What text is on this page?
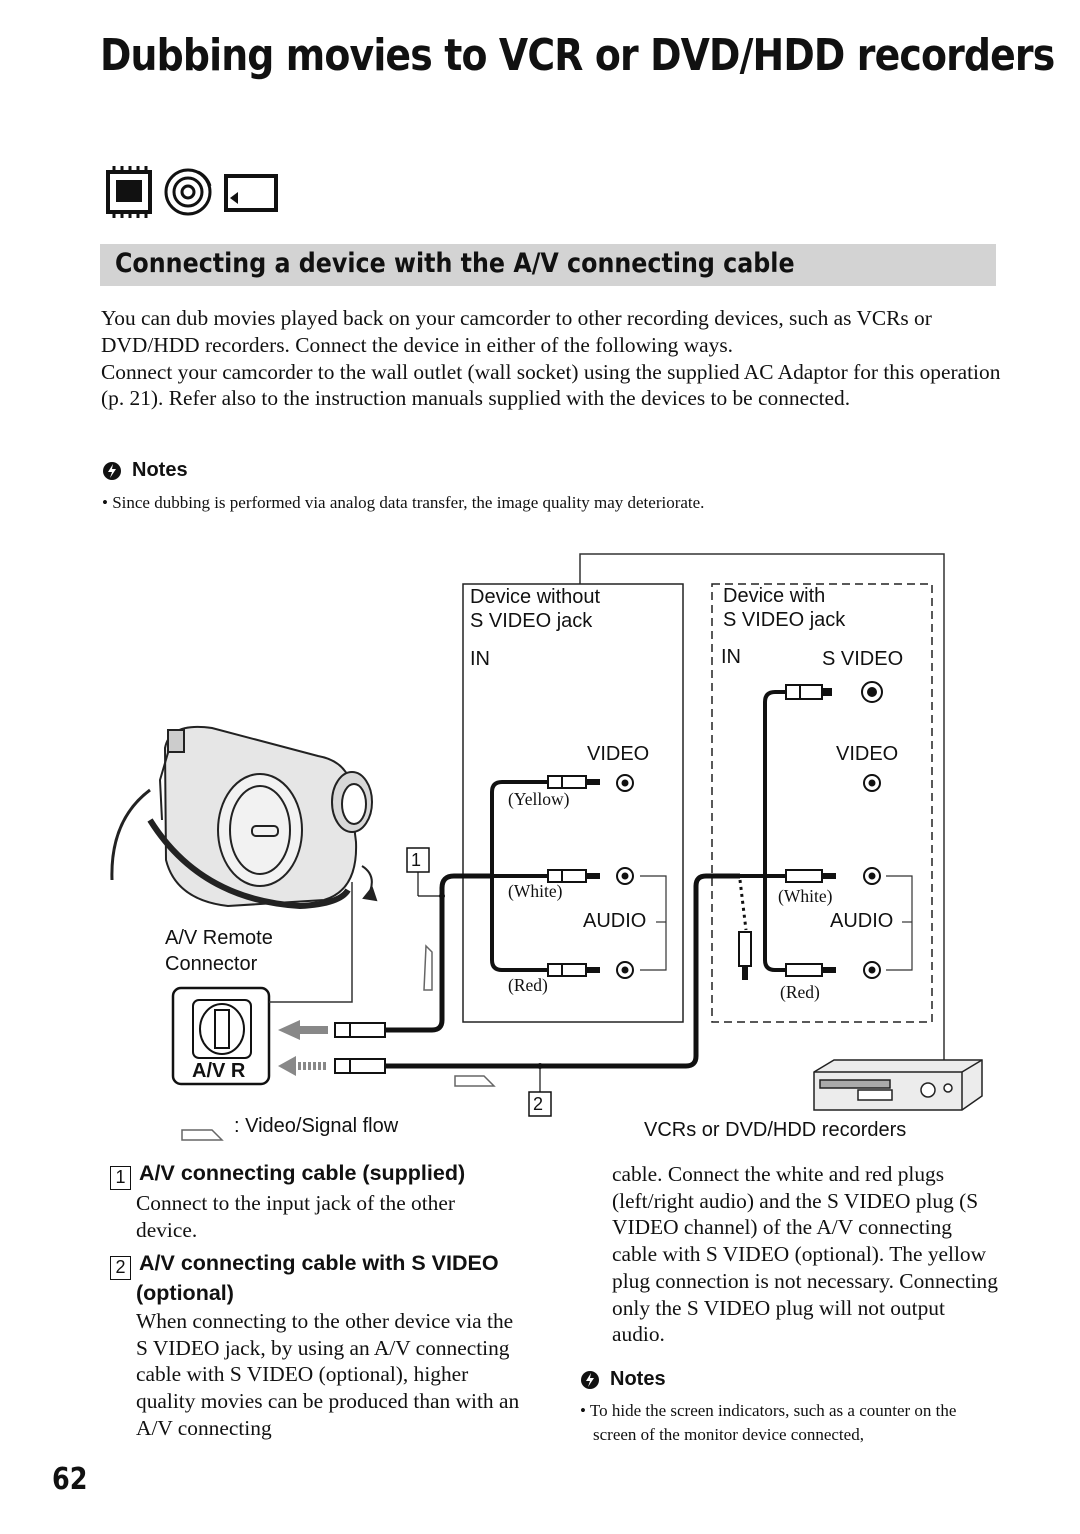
Dubbing movies to VCR or DVD/HDD recorders
Connecting a device with the A/V connecting cable

You can dub movies played back on your camcorder to other recording devices, such as VCRs or DVD/HDD recorders. Connect the device in either of the following ways.

Connect your camcorder to the wall outlet (wall socket) using the supplied AC Adaptor for this operation (p. 21). Refer also to the instruction manuals supplied with the devices to be connected.

Notes
• Since dubbing is performed via analog data transfer, the image quality may deteriorate.
Device without
S VIDEO jack
Device with
S VIDEO jack
IN	IN	S VIDEO
VIDEO	VIDEO
(Yellow)
(White)	(White)
AUDIO	AUDIO
(Red)	(Red)
A/V Remote
Connector
A/V R
1
2
: Video/Signal flow	VCRs or DVD/HDD recorders
1 A/V connecting cable (supplied)
Connect to the input jack of the other device.
2 A/V connecting cable with S VIDEO (optional)
When connecting to the other device via the S VIDEO jack, by using an A/V connecting cable with S VIDEO (optional), higher quality movies can be produced than with an A/V connecting
cable. Connect the white and red plugs (left/right audio) and the S VIDEO plug (S VIDEO channel) of the A/V connecting cable with S VIDEO (optional). The yellow plug connection is not necessary. Connecting only the S VIDEO plug will not output audio.
Notes
• To hide the screen indicators, such as a counter on the screen of the monitor device connected,
62
